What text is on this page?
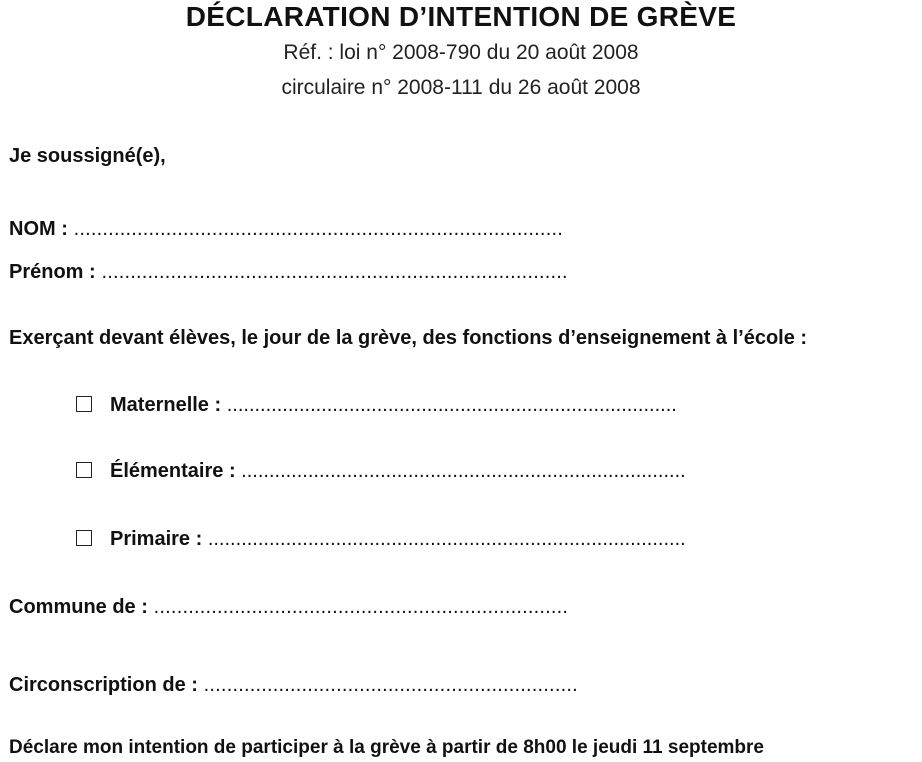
DÉCLARATION D’INTENTION DE GRÈVE
Réf. : loi n° 2008-790 du 20 août 2008
circulaire n° 2008-111 du 26 août 2008
Je soussigné(e),
NOM : .....................................................................................
Prénom : .................................................................................
Exerçant devant élèves, le jour de la grève, des fonctions d’enseignement à l’école :
Maternelle : .................................................................................
Élémentaire : ................................................................................
Primaire : ......................................................................................
Commune de : ........................................................................
Circonscription de : .................................................................
Déclare mon intention de participer à la grève à partir de 8h00 le jeudi 11 septembre
